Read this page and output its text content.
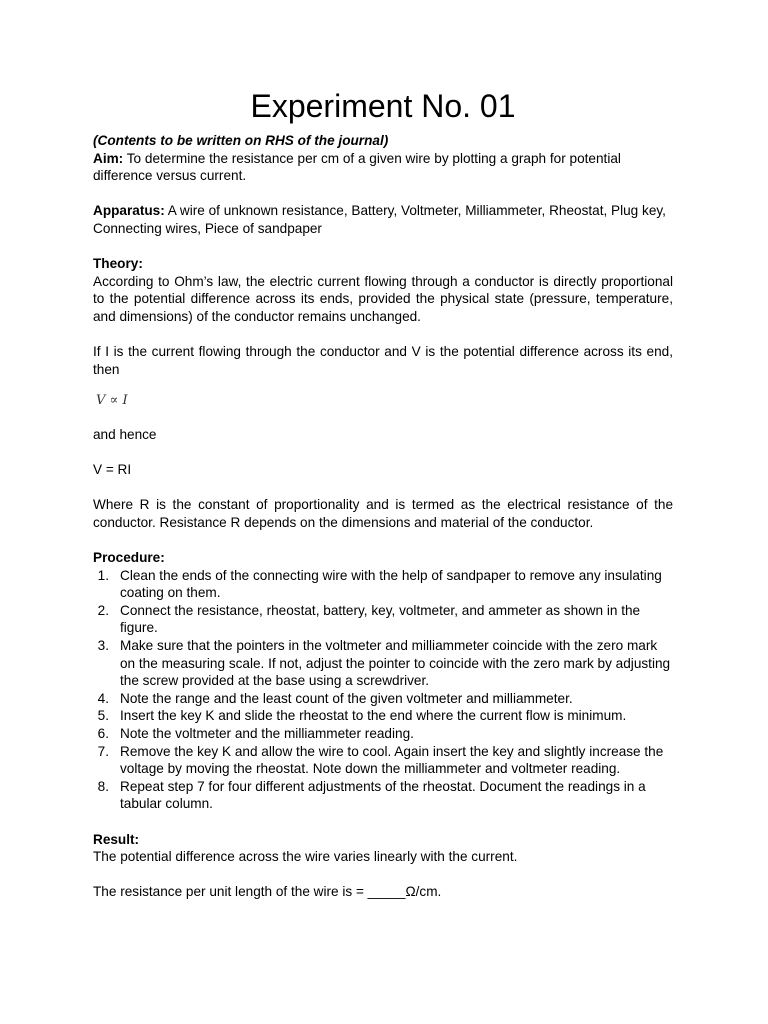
Experiment No. 01

(Contents to be written on RHS of the journal)

Aim: To determine the resistance per cm of a given wire by plotting a graph for potential difference versus current.

Apparatus: A wire of unknown resistance, Battery, Voltmeter, Milliammeter, Rheostat, Plug key, Connecting wires, Piece of sandpaper

Theory:

According to Ohm’s law, the electric current flowing through a conductor is directly proportional to the potential difference across its ends, provided the physical state (pressure, temperature, and dimensions) of the conductor remains unchanged.

If I is the current flowing through the conductor and V is the potential difference across its end, then

V ∝ I

and hence

V = RI

Where R is the constant of proportionality and is termed as the electrical resistance of the conductor. Resistance R depends on the dimensions and material of the conductor.

Procedure:

1. Clean the ends of the connecting wire with the help of sandpaper to remove any insulating coating on them.
2. Connect the resistance, rheostat, battery, key, voltmeter, and ammeter as shown in the figure.
3. Make sure that the pointers in the voltmeter and milliammeter coincide with the zero mark on the measuring scale. If not, adjust the pointer to coincide with the zero mark by adjusting the screw provided at the base using a screwdriver.
4. Note the range and the least count of the given voltmeter and milliammeter.
5. Insert the key K and slide the rheostat to the end where the current flow is minimum.
6. Note the voltmeter and the milliammeter reading.
7. Remove the key K and allow the wire to cool. Again insert the key and slightly increase the voltage by moving the rheostat. Note down the milliammeter and voltmeter reading.
8. Repeat step 7 for four different adjustments of the rheostat. Document the readings in a tabular column.

Result:

The potential difference across the wire varies linearly with the current.

The resistance per unit length of the wire is = _____Ω/cm.
